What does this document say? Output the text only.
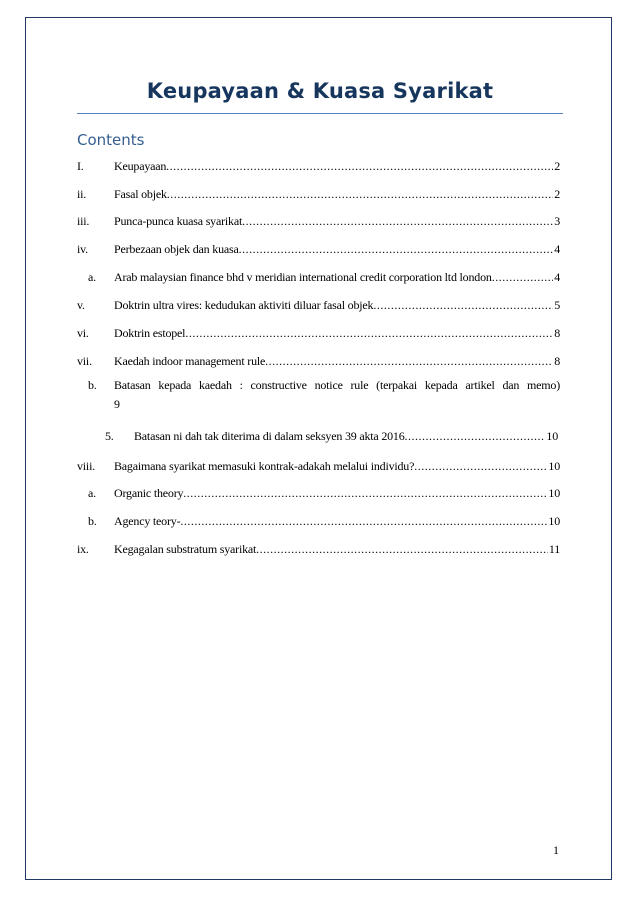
Keupayaan & Kuasa Syarikat
Contents
I.	Keupayaan .....	2
ii. Fasal objek .....	2
iii. Punca-punca kuasa syarikat .....	3
iv. Perbezaan objek dan kuasa .....	4
a. Arab malaysian finance bhd v meridian international credit corporation ltd london .....	4
v. Doktrin ultra vires: kedudukan aktiviti diluar fasal objek .....	5
vi. Doktrin estopel .....	8
vii. Kaedah indoor management rule .....	8
b. Batasan kepada kaedah : constructive notice rule (terpakai kepada artikel dan memo)
9
5. Batasan ni dah tak diterima di dalam seksyen 39 akta 2016 .....	10
viii. Bagaimana syarikat memasuki kontrak-adakah melalui individu? .....	10
a. Organic theory .....	10
b. Agency teory- .....	10
ix. Kegagalan substratum syarikat .....	11
1
